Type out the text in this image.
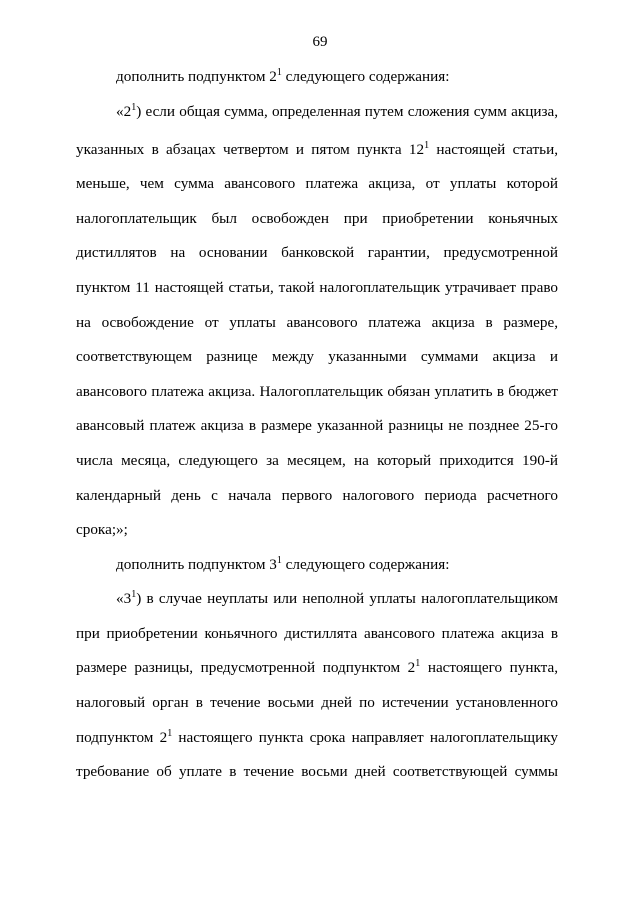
69
дополнить подпунктом $2^1$ следующего содержания:
«$2^1$) если общая сумма, определенная путем сложения сумм акциза,
указанных в абзацах четвертом и пятом пункта $12^1$ настоящей статьи,
меньше, чем сумма авансового платежа акциза, от уплаты которой
налогоплательщик был освобожден при приобретении коньячных
дистиллятов на основании банковской гарантии, предусмотренной
пунктом 11 настоящей статьи, такой налогоплательщик утрачивает право
на освобождение от уплаты авансового платежа акциза в размере,
соответствующем разнице между указанными суммами акциза и
авансового платежа акциза. Налогоплательщик обязан уплатить в бюджет
авансовый платеж акциза в размере указанной разницы не позднее 25-го
числа месяца, следующего за месяцем, на который приходится 190-й
календарный день с начала первого налогового периода расчетного
срока;»;
дополнить подпунктом $3^1$ следующего содержания:
«$3^1$) в случае неуплаты или неполной уплаты налогоплательщиком
при приобретении коньячного дистиллята авансового платежа акциза в
размере разницы, предусмотренной подпунктом $2^1$ настоящего пункта,
налоговый орган в течение восьми дней по истечении установленного
подпунктом $2^1$ настоящего пункта срока направляет налогоплательщику
требование об уплате в течение восьми дней соответствующей суммы
